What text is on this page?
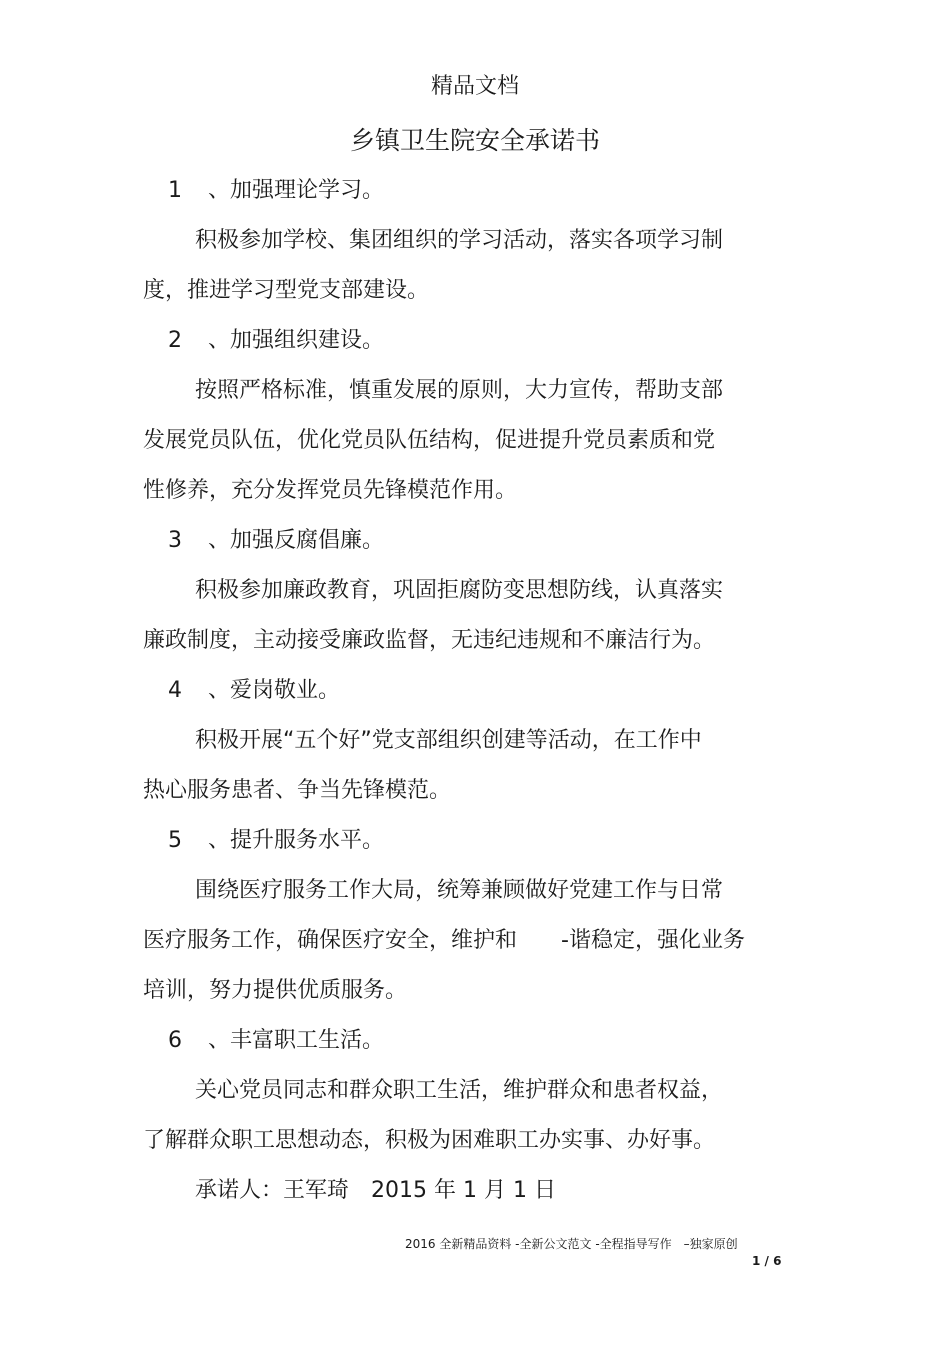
精品文档
乡镇卫生院安全承诺书
1 、加强理论学习。
积极参加学校、集团组织的学习活动，落实各项学习制
度，推进学习型党支部建设。
2 、加强组织建设。
按照严格标准，慎重发展的原则，大力宣传，帮助支部
发展党员队伍，优化党员队伍结构，促进提升党员素质和党
性修养，充分发挥党员先锋模范作用。
3 、加强反腐倡廉。
积极参加廉政教育，巩固拒腐防变思想防线，认真落实
廉政制度，主动接受廉政监督，无违纪违规和不廉洁行为。
4 、爱岗敬业。
积极开展“五个好”党支部组织创建等活动，在工作中
热心服务患者、争当先锋模范。
5 、提升服务水平。
围绕医疗服务工作大局，统筹兼顾做好党建工作与日常
医疗服务工作，确保医疗安全，维护和　　-谐稳定，强化业务
培训，努力提供优质服务。
6 、丰富职工生活。
关心党员同志和群众职工生活，维护群众和患者权益，
了解群众职工思想动态，积极为困难职工办实事、办好事。
承诺人：王军琦　2015 年 1 月 1 日
2016 全新精品资料 -全新公文范文 -全程指导写作　–独家原创
1 / 6
